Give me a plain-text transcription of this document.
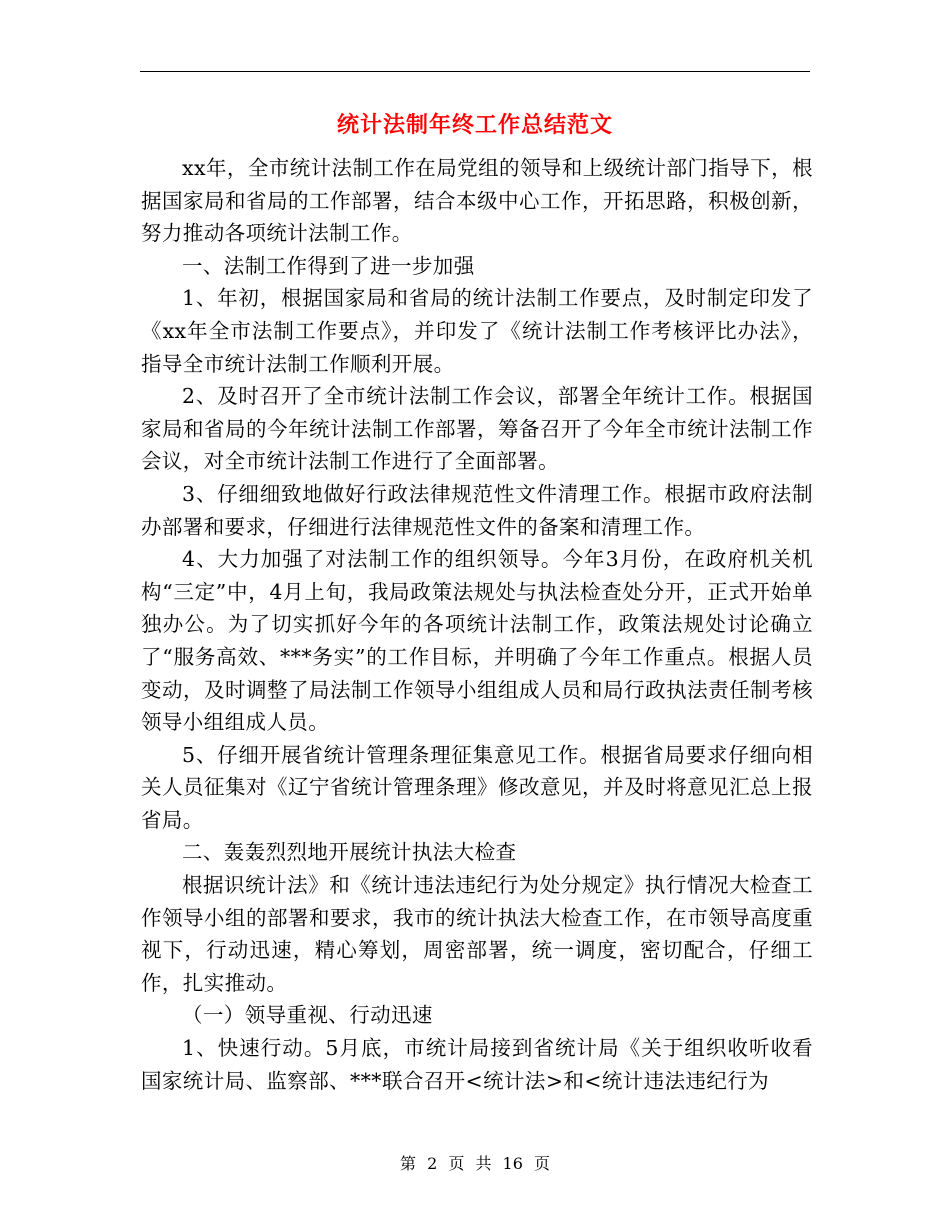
统计法制年终工作总结范文

xx年，全市统计法制工作在局党组的领导和上级统计部门指导下，根据国家局和省局的工作部署，结合本级中心工作，开拓思路，积极创新，努力推动各项统计法制工作。

一、法制工作得到了进一步加强

1、年初，根据国家局和省局的统计法制工作要点，及时制定印发了《xx年全市法制工作要点》，并印发了《统计法制工作考核评比办法》，指导全市统计法制工作顺利开展。

2、及时召开了全市统计法制工作会议，部署全年统计工作。根据国家局和省局的今年统计法制工作部署，筹备召开了今年全市统计法制工作会议，对全市统计法制工作进行了全面部署。

3、仔细细致地做好行政法律规范性文件清理工作。根据市政府法制办部署和要求，仔细进行法律规范性文件的备案和清理工作。

4、大力加强了对法制工作的组织领导。今年3月份，在政府机关机构“三定”中，4月上旬，我局政策法规处与执法检查处分开，正式开始单独办公。为了切实抓好今年的各项统计法制工作，政策法规处讨论确立了“服务高效、***务实”的工作目标，并明确了今年工作重点。根据人员变动，及时调整了局法制工作领导小组组成人员和局行政执法责任制考核领导小组组成人员。

5、仔细开展省统计管理条理征集意见工作。根据省局要求仔细向相关人员征集对《辽宁省统计管理条理》修改意见，并及时将意见汇总上报省局。

二、轰轰烈烈地开展统计执法大检查

根据识统计法》和《统计违法违纪行为处分规定》执行情况大检查工作领导小组的部署和要求，我市的统计执法大检查工作，在市领导高度重视下，行动迅速，精心筹划，周密部署，统一调度，密切配合，仔细工作，扎实推动。

（一）领导重视、行动迅速

1、快速行动。5月底，市统计局接到省统计局《关于组织收听收看国家统计局、监察部、***联合召开<统计法>和<统计违法违纪行为

第 2 页 共 16 页
